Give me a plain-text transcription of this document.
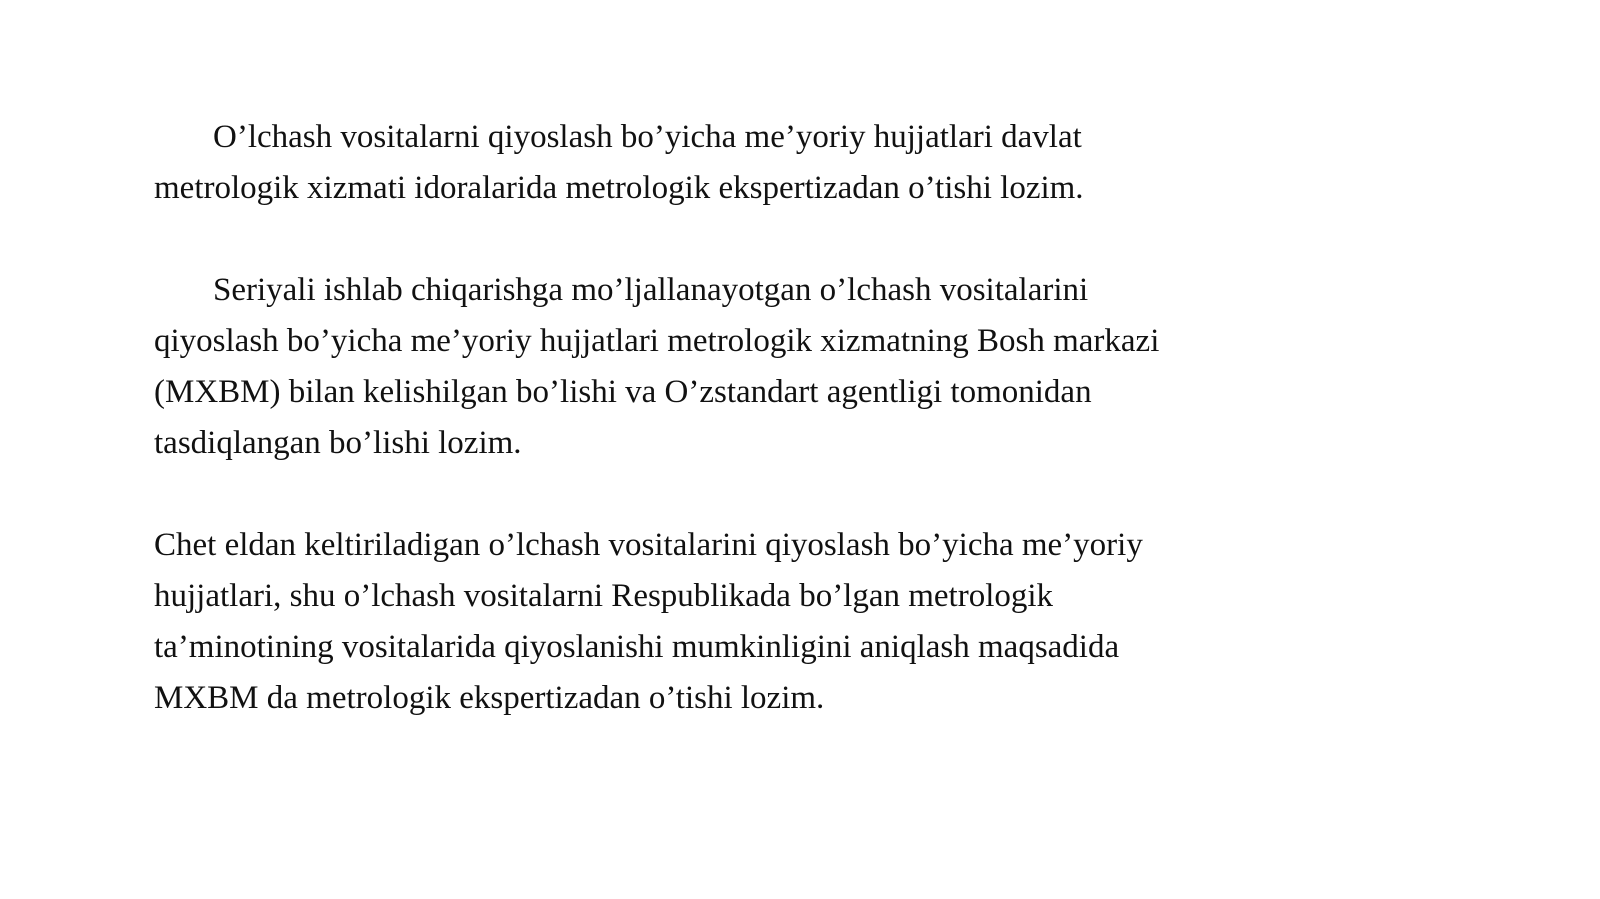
O’lchash vositalarni qiyoslash bo’yicha me’yoriy hujjatlari davlat
metrologik xizmati idoralarida metrologik ekspertizadan o’tishi lozim.

Seriyali ishlab chiqarishga mo’ljallanayotgan o’lchash vositalarini
qiyoslash bo’yicha me’yoriy hujjatlari metrologik xizmatning Bosh markazi
(MXBM) bilan kelishilgan bo’lishi va O’zstandart agentligi tomonidan
tasdiqlangan bo’lishi lozim.

Chet eldan keltiriladigan o’lchash vositalarini qiyoslash bo’yicha me’yoriy
hujjatlari, shu o’lchash vositalarni Respublikada bo’lgan metrologik
ta’minotining vositalarida qiyoslanishi mumkinligini aniqlash maqsadida
MXBM da metrologik ekspertizadan o’tishi lozim.
